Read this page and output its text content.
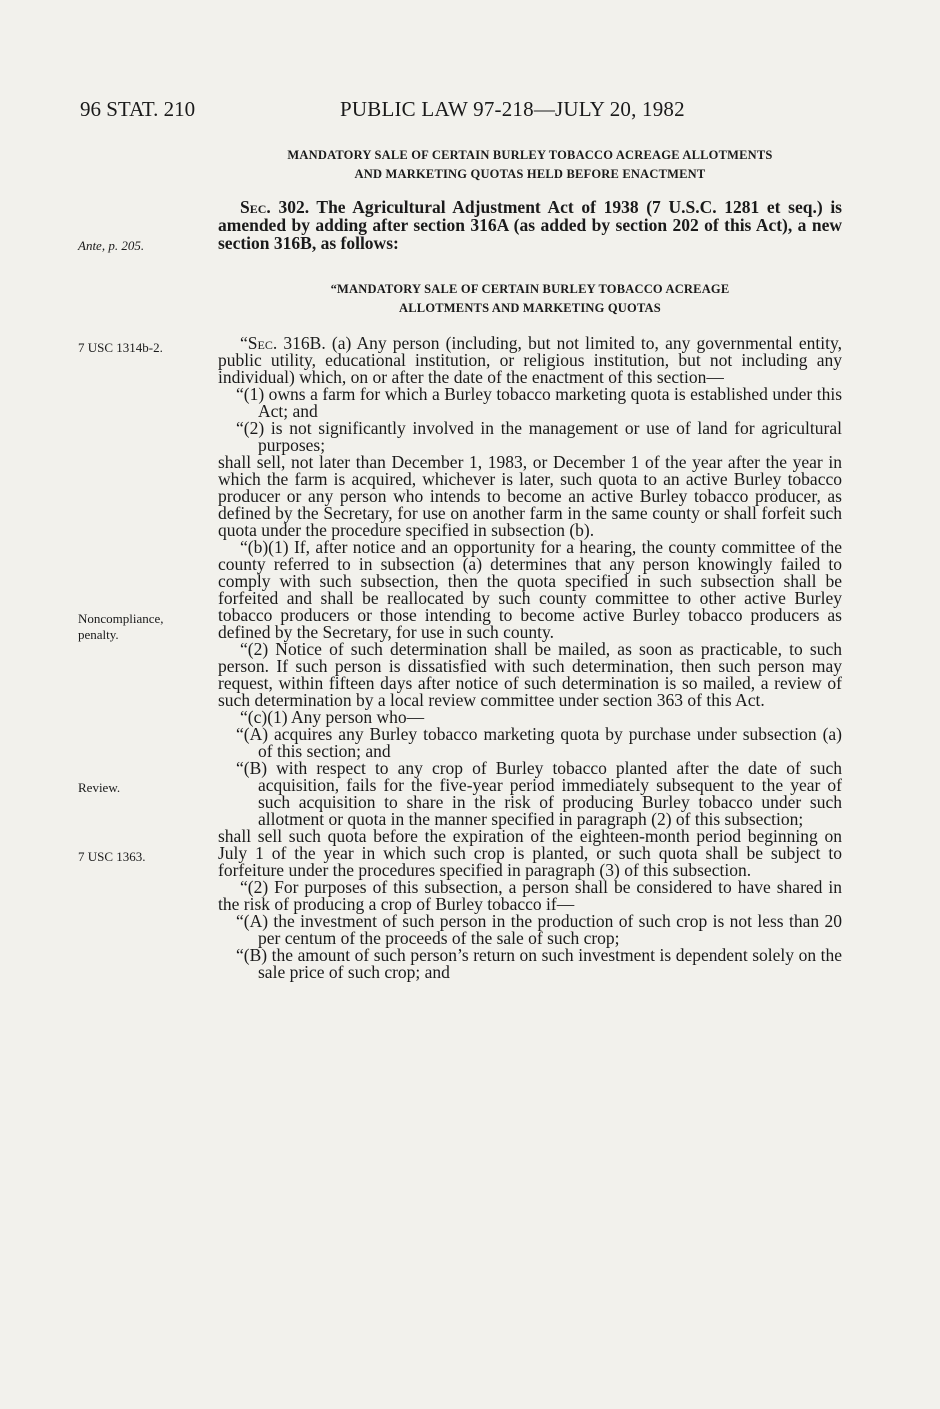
96 STAT. 210	PUBLIC LAW 97-218—JULY 20, 1982
MANDATORY SALE OF CERTAIN BURLEY TOBACCO ACREAGE ALLOTMENTS
AND MARKETING QUOTAS HELD BEFORE ENACTMENT

Sec. 302. The Agricultural Adjustment Act of 1938 (7 U.S.C. 1281 et seq.) is amended by adding after section 316A (as added by section 202 of this Act), a new section 316B, as follows:

“MANDATORY SALE OF CERTAIN BURLEY TOBACCO ACREAGE
ALLOTMENTS AND MARKETING QUOTAS
Ante, p. 205.
7 USC 1314b-2.
Noncompliance,
penalty.
Review.
7 USC 1363.

“Sec. 316B. (a) Any person (including, but not limited to, any governmental entity, public utility, educational institution, or religious institution, but not including any individual) which, on or after the date of the enactment of this section—

“(1) owns a farm for which a Burley tobacco marketing quota is established under this Act; and

“(2) is not significantly involved in the management or use of land for agricultural purposes;

shall sell, not later than December 1, 1983, or December 1 of the year after the year in which the farm is acquired, whichever is later, such quota to an active Burley tobacco producer or any person who intends to become an active Burley tobacco producer, as defined by the Secretary, for use on another farm in the same county or shall forfeit such quota under the procedure specified in subsection (b).

“(b)(1) If, after notice and an opportunity for a hearing, the county committee of the county referred to in subsection (a) determines that any person knowingly failed to comply with such subsection, then the quota specified in such subsection shall be forfeited and shall be reallocated by such county committee to other active Burley tobacco producers or those intending to become active Burley tobacco producers as defined by the Secretary, for use in such county.

“(2) Notice of such determination shall be mailed, as soon as practicable, to such person. If such person is dissatisfied with such determination, then such person may request, within fifteen days after notice of such determination is so mailed, a review of such determination by a local review committee under section 363 of this Act.

“(c)(1) Any person who—

“(A) acquires any Burley tobacco marketing quota by purchase under subsection (a) of this section; and

“(B) with respect to any crop of Burley tobacco planted after the date of such acquisition, fails for the five-year period immediately subsequent to the year of such acquisition to share in the risk of producing Burley tobacco under such allotment or quota in the manner specified in paragraph (2) of this subsection;

shall sell such quota before the expiration of the eighteen-month period beginning on July 1 of the year in which such crop is planted, or such quota shall be subject to forfeiture under the procedures specified in paragraph (3) of this subsection.

“(2) For purposes of this subsection, a person shall be considered to have shared in the risk of producing a crop of Burley tobacco if—

“(A) the investment of such person in the production of such crop is not less than 20 per centum of the proceeds of the sale of such crop;

“(B) the amount of such person’s return on such investment is dependent solely on the sale price of such crop; and
